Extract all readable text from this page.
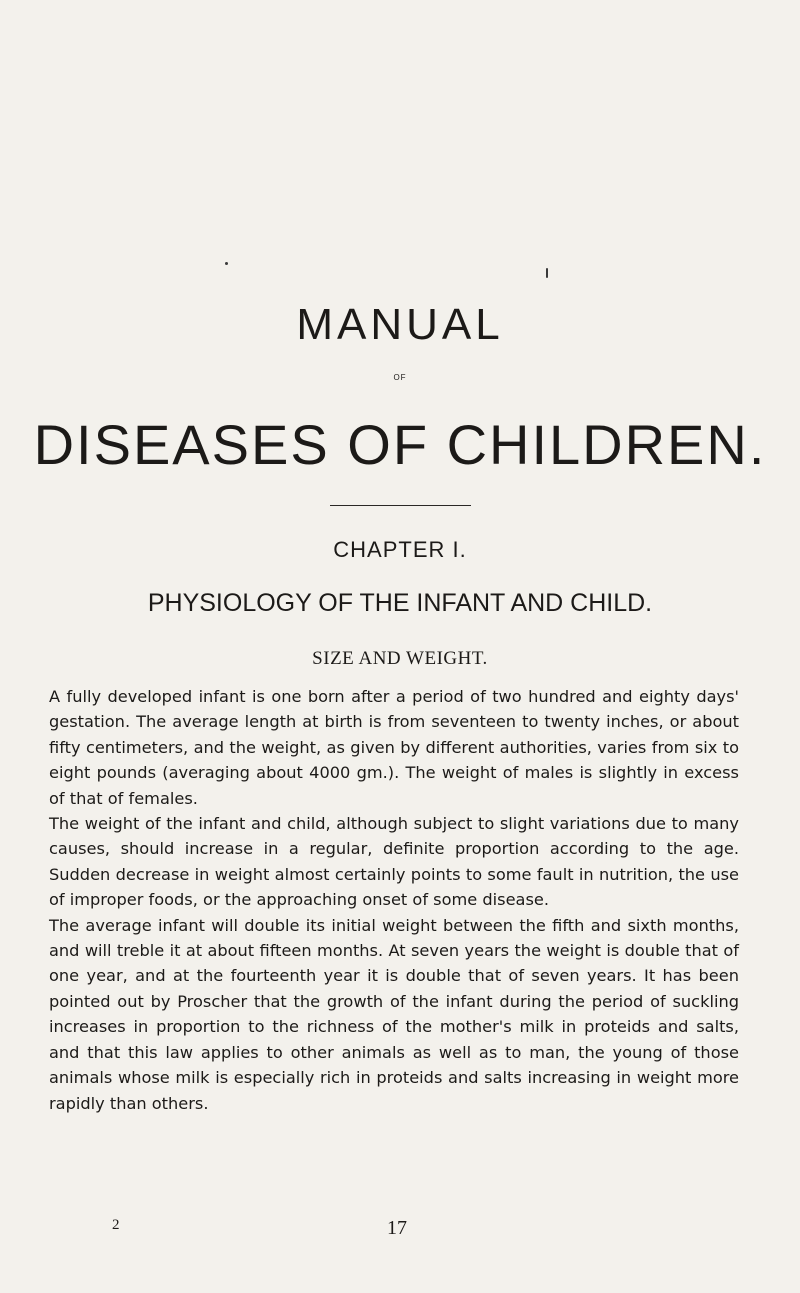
MANUAL
OF
DISEASES OF CHILDREN.
CHAPTER I.
PHYSIOLOGY OF THE INFANT AND CHILD.
SIZE AND WEIGHT.

A fully developed infant is one born after a period of two hundred and eighty days' gestation. The average length at birth is from seventeen to twenty inches, or about fifty centimeters, and the weight, as given by different authorities, varies from six to eight pounds (averaging about 4000 gm.). The weight of males is slightly in excess of that of females.

The weight of the infant and child, although subject to slight variations due to many causes, should increase in a regular, definite proportion according to the age. Sudden decrease in weight almost certainly points to some fault in nutrition, the use of improper foods, or the approaching onset of some disease.

The average infant will double its initial weight between the fifth and sixth months, and will treble it at about fifteen months. At seven years the weight is double that of one year, and at the fourteenth year it is double that of seven years. It has been pointed out by Proscher that the growth of the infant during the period of suckling increases in proportion to the richness of the mother's milk in proteids and salts, and that this law applies to other animals as well as to man, the young of those animals whose milk is especially rich in proteids and salts increasing in weight more rapidly than others.

2	17
